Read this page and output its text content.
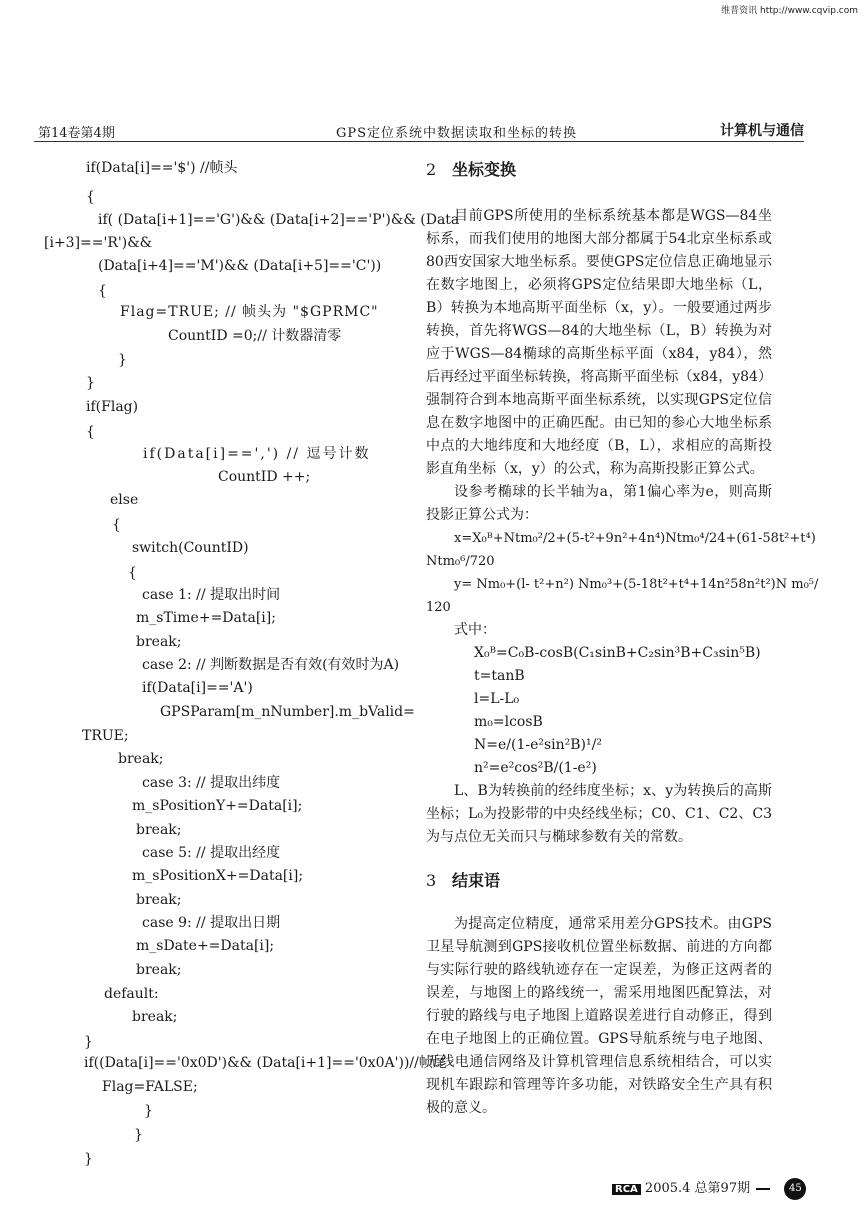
维普资讯 http://www.cqvip.com
第14卷第4期	GPS定位系统中数据读取和坐标的转换	计算机与通信
if(Data[i]=='$') //帧头
{
if( (Data[i+1]=='G')&& (Data[i+2]=='P')&& (Data
[i+3]=='R')&&
(Data[i+4]=='M')&& (Data[i+5]=='C'))
{
Flag=TRUE; // 帧头为 "$GPRMC"
CountID =0;// 计数器清零
}
}
if(Flag)
{
if(Data[i]==',') // 逗号计数
CountID ++;
else
{
switch(CountID)
{
case 1: // 提取出时间
m_sTime+=Data[i];
break;
case 2: // 判断数据是否有效(有效时为A)
if(Data[i]=='A')
GPSParam[m_nNumber].m_bValid=
TRUE;
break;
case 3: // 提取出纬度
m_sPositionY+=Data[i];
break;
case 5: // 提取出经度
m_sPositionX+=Data[i];
break;
case 9: // 提取出日期
m_sDate+=Data[i];
break;
default:
break;
}
if((Data[i]=='0x0D')&& (Data[i+1]=='0x0A'))//帧尾
Flag=FALSE;
}
}
}
2 坐标变换

目前GPS所使用的坐标系统基本都是WGS—84坐标系，而我们使用的地图大部分都属于54北京坐标系或80西安国家大地坐标系。要使GPS定位信息正确地显示在数字地图上，必须将GPS定位结果即大地坐标（L，B）转换为本地高斯平面坐标（x，y）。一般要通过两步转换，首先将WGS—84的大地坐标（L，B）转换为对应于WGS—84椭球的高斯坐标平面（x84，y84），然后再经过平面坐标转换，将高斯平面坐标（x84，y84）强制符合到本地高斯平面坐标系统，以实现GPS定位信息在数字地图中的正确匹配。由已知的参心大地坐标系中点的大地纬度和大地经度（B，L），求相应的高斯投影直角坐标（x，y）的公式，称为高斯投影正算公式。

设参考椭球的长半轴为a，第1偏心率为e，则高斯投影正算公式为：

x=X₀ᴮ+Ntm₀²/2+(5-t²+9n²+4n⁴)Ntm₀⁴/24+(61-58t²+t⁴)

Ntm₀⁶/720

y= Nm₀+(l- t²+n²) Nm₀³+(5-18t²+t⁴+14n²58n²t²)N m₀⁵/

120

式中：

X₀ᴮ=C₀B-cosB(C₁sinB+C₂sin³B+C₃sin⁵B)

t=tanB

l=L-L₀

m₀=lcosB

N=e/(1-e²sin²B)¹/²

n²=e²cos²B/(1-e²)

L、B为转换前的经纬度坐标；x、y为转换后的高斯坐标；L₀为投影带的中央经线坐标；C0、C1、C2、C3为与点位无关而只与椭球参数有关的常数。

3 结束语

为提高定位精度，通常采用差分GPS技术。由GPS卫星导航测到GPS接收机位置坐标数据、前进的方向都与实际行驶的路线轨迹存在一定误差，为修正这两者的误差，与地图上的路线统一，需采用地图匹配算法，对行驶的路线与电子地图上道路误差进行自动修正，得到在电子地图上的正确位置。GPS导航系统与电子地图、无线电通信网络及计算机管理信息系统相结合，可以实现机车跟踪和管理等许多功能，对铁路安全生产具有积极的意义。

RCA 2005.4 总第97期	45
